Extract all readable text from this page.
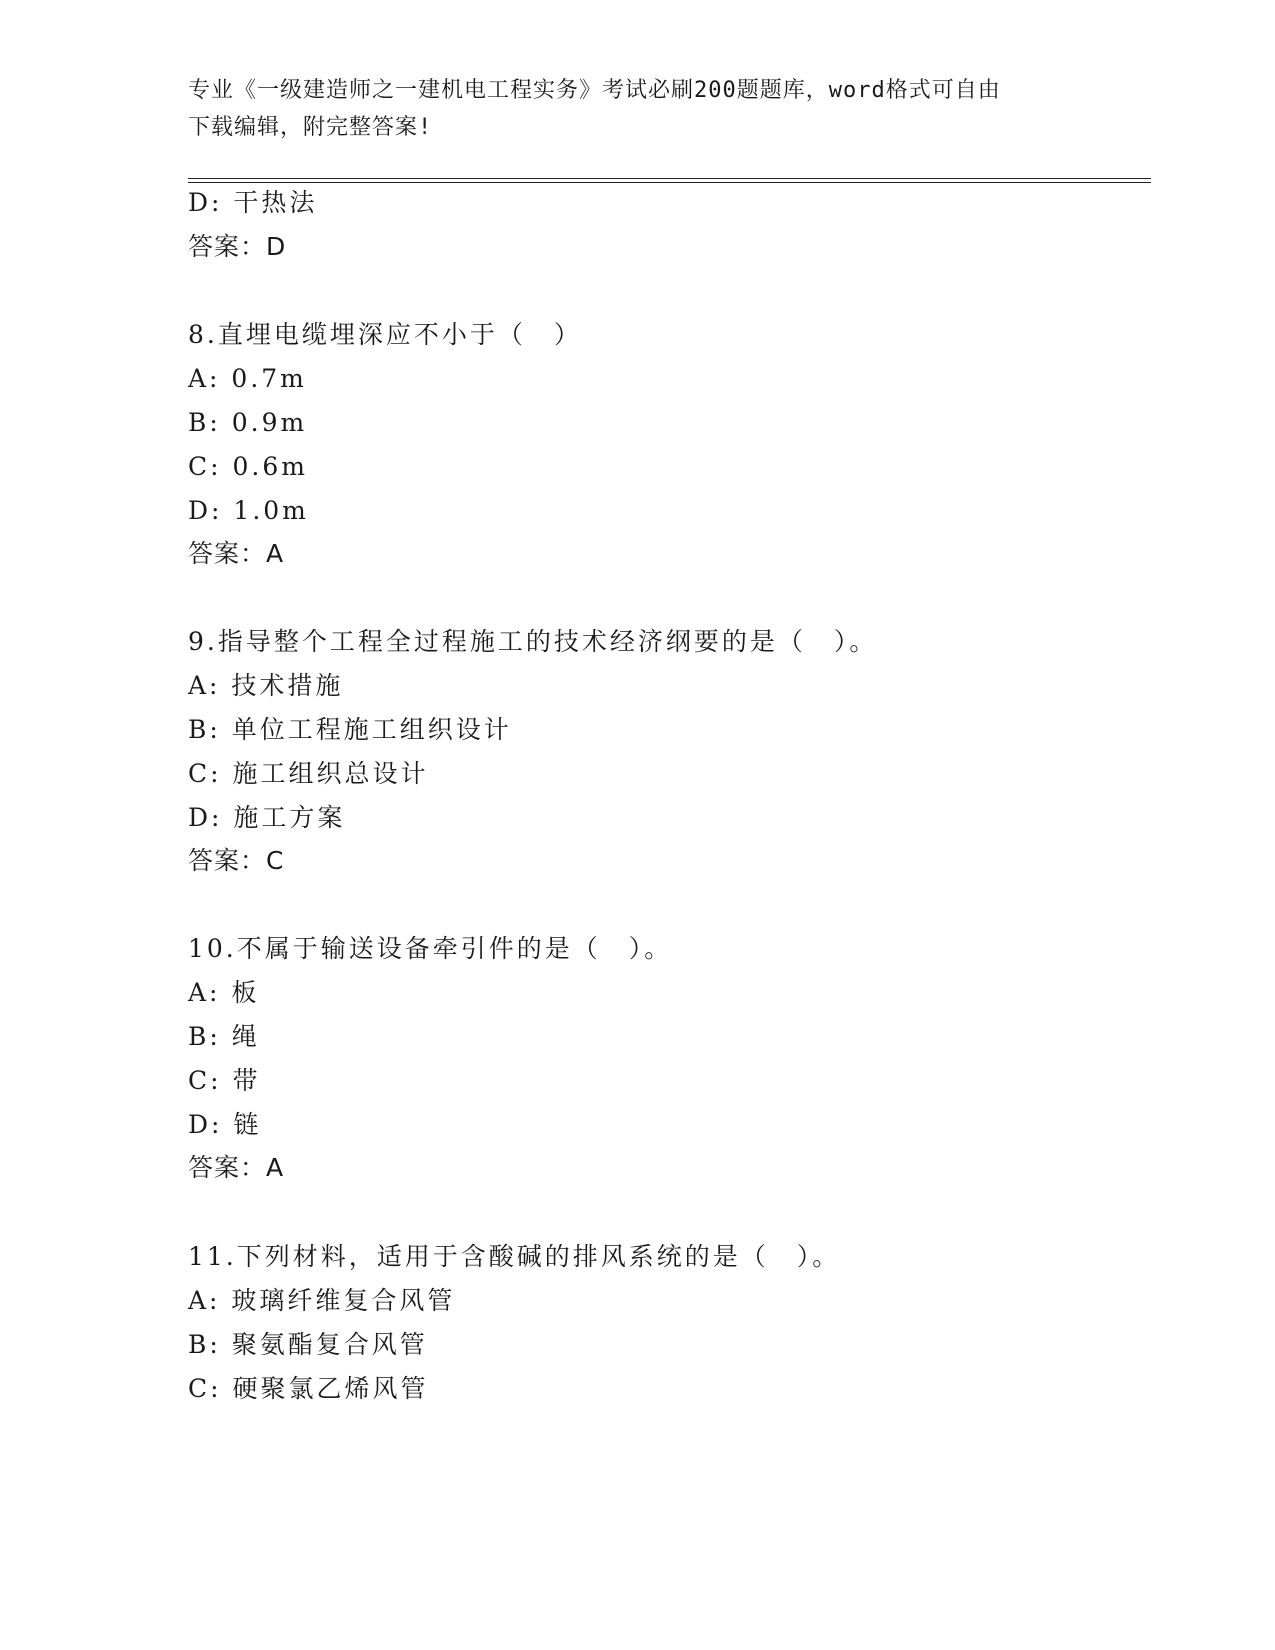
专业《一级建造师之一建机电工程实务》考试必刷200题题库，word格式可自由
下载编辑，附完整答案!
D: 干热法
答案：D
8.直埋电缆埋深应不小于（　）
A: 0.7m
B: 0.9m
C: 0.6m
D: 1.0m
答案：A
9.指导整个工程全过程施工的技术经济纲要的是（　）。
A: 技术措施
B: 单位工程施工组织设计
C: 施工组织总设计
D: 施工方案
答案：C
10.不属于输送设备牵引件的是（　）。
A: 板
B: 绳
C: 带
D: 链
答案：A
11.下列材料，适用于含酸碱的排风系统的是（　）。
A: 玻璃纤维复合风管
B: 聚氨酯复合风管
C: 硬聚氯乙烯风管
